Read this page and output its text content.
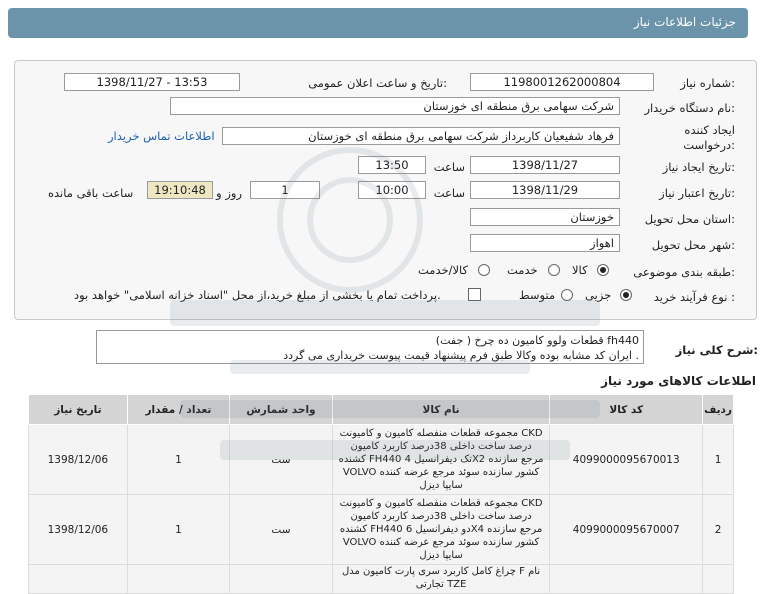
جزئیات اطلاعات نیاز
شماره نیاز:
1198001262000804
تاریخ و ساعت اعلان عمومی:
1398/11/27 - 13:53
نام دستگاه خریدار:
شرکت سهامی برق منطقه ای خوزستان
ایجاد کننده
درخواست:
فرهاد شفیعیان کاربرداز شرکت سهامی برق منطقه ای خوزستان
اطلاعات تماس خریدار
تاریخ ایجاد نیاز:
1398/11/27
ساعت
13:50
تاریخ اعتبار نیاز:
1398/11/29
ساعت
10:00
1
روز و
19:10:48
ساعت باقی مانده
استان محل تحویل:
خوزستان
شهر محل تحویل:
اهواز
طبقه بندی موضوعی:
کالا
خدمت
کالا/خدمت
نوع فرآیند خرید :
جزیی
متوسط
پرداخت تمام یا بخشی از مبلغ خرید،از محل "اسناد خزانه اسلامی" خواهد بود.
شرح کلی نیاز:
قطعات ولوو کامیون ده چرخ ( جفت) fh440
ایران کد مشابه بوده وکالا طبق فرم پیشنهاد قیمت پیوست خریداری می گردد .
اطلاعات کالاهای مورد نیاز
تاریخ نیاز	تعداد / مقدار	واحد شمارش	نام کالا	کد کالا	ردیف
1398/12/06	1	ست	مجموعه قطعات منفصله کامیون و کامیونت CKD درصد ساخت داخلی 38درصد کاربرد کامیون کشنده FH440 تک دیفرانسیل 4X2 مرجع سازنده VOLVO کشور سازنده سوئد مرجع عرضه کننده سایپا دیزل	4099000095670013	1
1398/12/06	1	ست	مجموعه قطعات منفصله کامیون و کامیونت CKD درصد ساخت داخلی 38درصد کاربرد کامیون کشنده FH440 دو دیفرانسیل 6X4 مرجع سازنده VOLVO کشور سازنده سوئد مرجع عرضه کننده سایپا دیزل	4099000095670007	2
			چراغ کامل کاربرد سری پارت کامیون مدل F نام تجارتی TZE		
